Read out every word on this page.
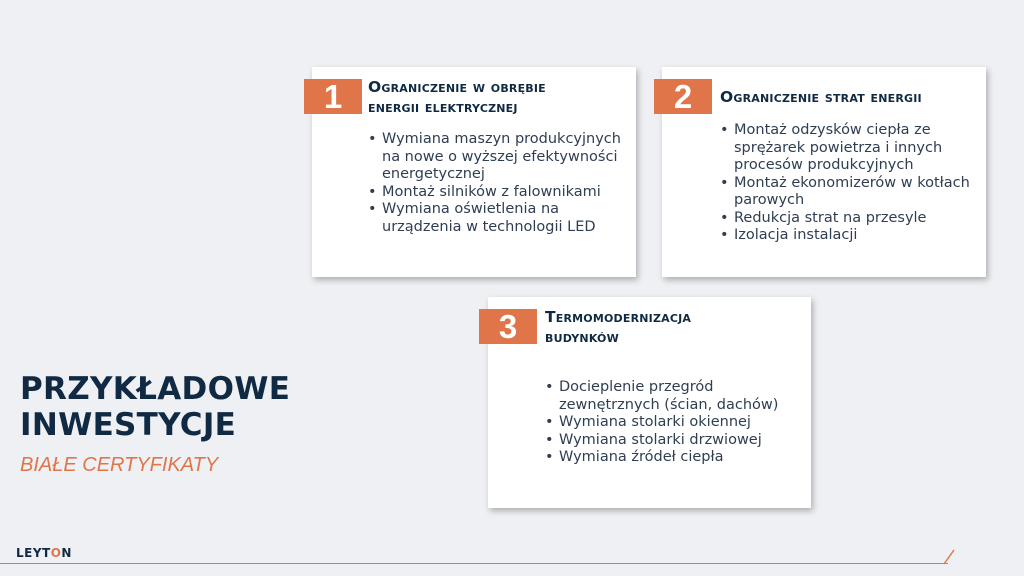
Ograniczenie w obrębie
energii elektrycznej
• Wymiana maszyn produkcyjnych na nowe o wyższej efektywności energetycznej
• Montaż silników z falownikami
• Wymiana oświetlenia na urządzenia w technologii LED
1	Ograniczenie strat energii
• Montaż odzysków ciepła ze sprężarek powietrza i innych procesów produkcyjnych
• Montaż ekonomizerów w kotłach parowych
• Redukcja strat na przesyle
• Izolacja instalacji
2
Termomodernizacja
budynków
• Docieplenie przegród zewnętrznych (ścian, dachów)
• Wymiana stolarki okiennej
• Wymiana stolarki drzwiowej
• Wymiana źródeł ciepła
3
PRZYKŁADOWE
INWESTYCJE
BIAŁE CERTYFIKATY
LEYTON
